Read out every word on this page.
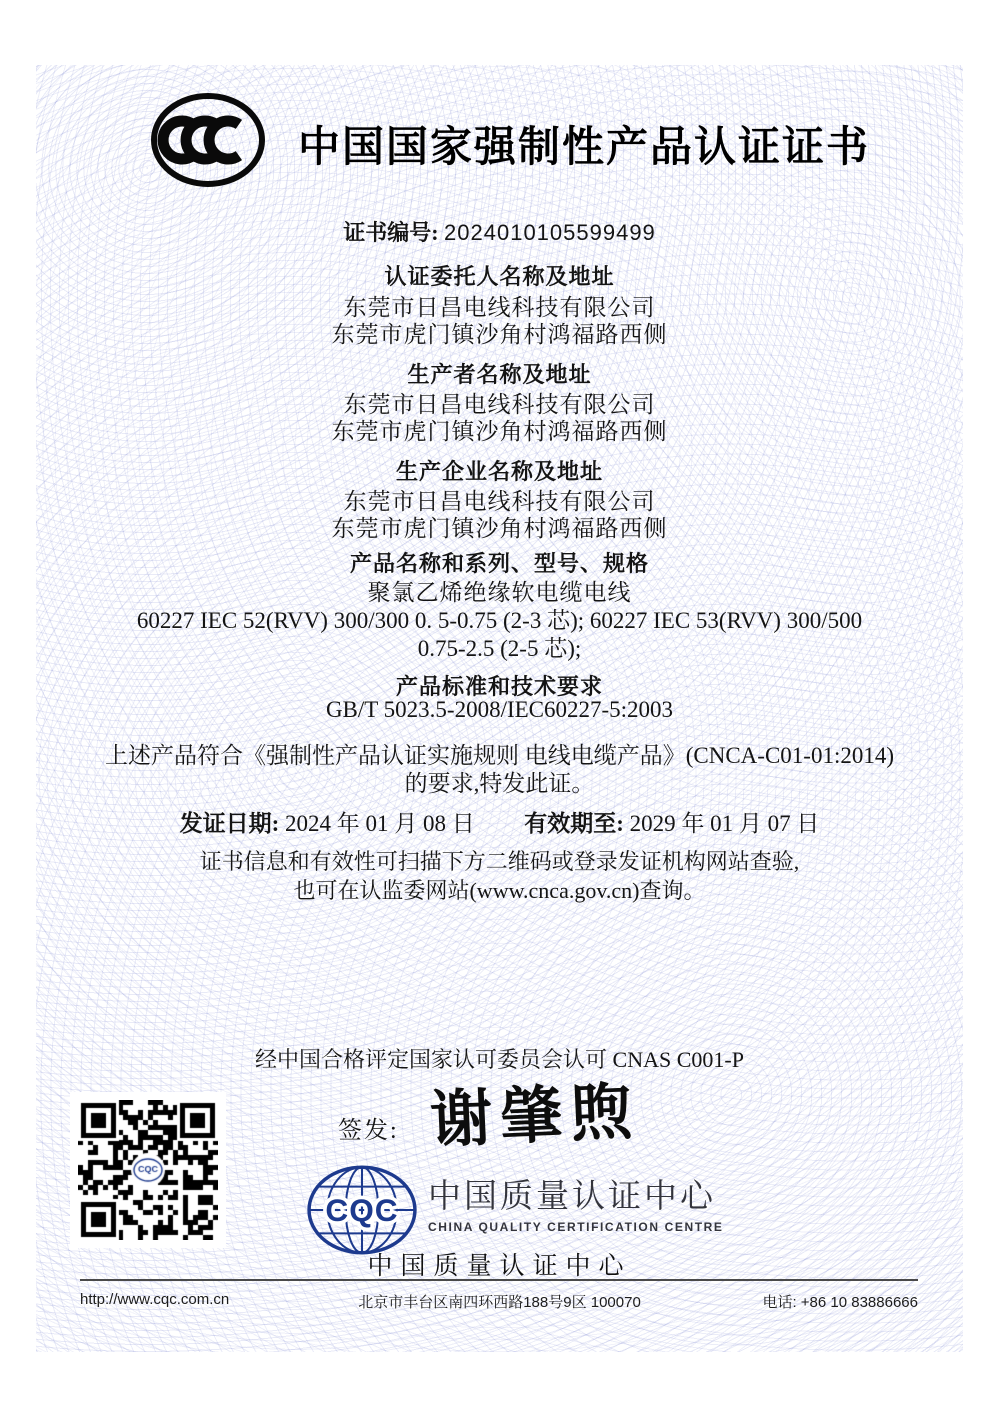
中国国家强制性产品认证证书
证书编号: 2024010105599499
认证委托人名称及地址
东莞市日昌电线科技有限公司
东莞市虎门镇沙角村鸿福路西侧
生产者名称及地址
东莞市日昌电线科技有限公司
东莞市虎门镇沙角村鸿福路西侧
生产企业名称及地址
东莞市日昌电线科技有限公司
东莞市虎门镇沙角村鸿福路西侧
产品名称和系列、型号、规格
聚氯乙烯绝缘软电缆电线
60227 IEC 52(RVV) 300/300 0. 5-0.75 (2-3 芯); 60227 IEC 53(RVV) 300/500
0.75-2.5 (2-5 芯);
产品标准和技术要求
GB/T 5023.5-2008/IEC60227-5:2003
上述产品符合《强制性产品认证实施规则 电线电缆产品》(CNCA-C01-01:2014)
的要求,特发此证。
发证日期: 2024 年 01 月 08 日 有效期至: 2029 年 01 月 07 日
证书信息和有效性可扫描下方二维码或登录发证机构网站查验,
也可在认监委网站(www.cnca.gov.cn)查询。
经中国合格评定国家认可委员会认可 CNAS C001-P
签发: 谢肇煦
CQC 中国质量认证中心
CHINA QUALITY CERTIFICATION CENTRE
中国质量认证中心
http://www.cqc.com.cn	北京市丰台区南四环西路188号9区 100070	电话: +86 10 83886666
